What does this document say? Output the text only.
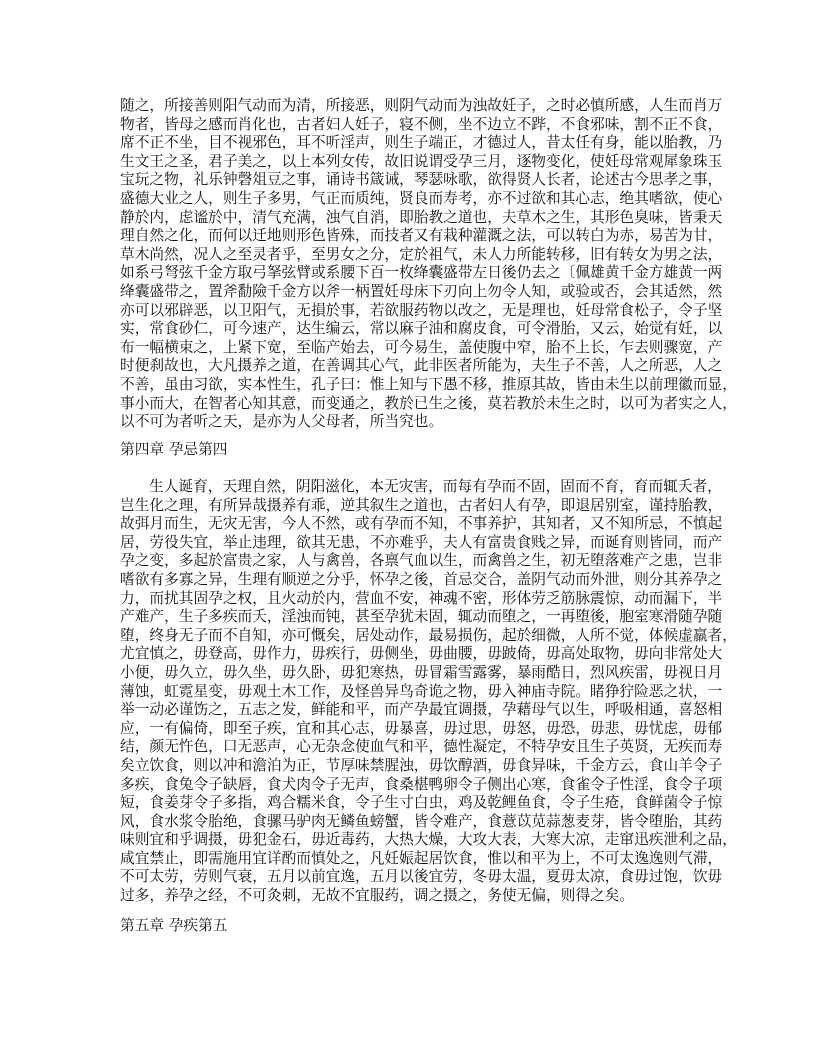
随之，所接善则阳气动而为清，所接恶，则阴气动而为浊故妊子，之时必慎所感，人生而肖万
物者，皆母之感而肖化也，古者妇人妊子，寝不侧，坐不边立不跸，不食邪味，割不正不食，
席不正不坐，目不视邪色，耳不听淫声，则生子端正，才德过人，昔太任有身，能以胎教，乃
生文王之圣，君子美之，以上本列女传，故旧说谓受孕三月，逐物变化，使妊母常观犀象珠玉
宝玩之物，礼乐钟磬俎豆之事，诵诗书箴诫，琴瑟咏歌，欲得贤人长者，论述古今思孝之事，
盛德大业之人，则生子多男，气正而质纯，贤良而寿考，亦不过欲和其心志，绝其嗜欲，使心
静於内，虑谧於中，清气充满，浊气自消，即胎教之道也，夫草木之生，其形色臭味，皆秉天
理自然之化，而何以迁地则形色皆殊，而技者又有栽种灌溉之法，可以转白为赤，易苦为甘，
草木尚然，况人之至灵者乎，至男女之分，定於祖气，未人力所能转移，旧有转女为男之法，
如系弓弩弦千金方取弓拏弦臂或系腰下百一枚绛囊盛带左日後仍去之〔佩雄黄千金方雄黄一两
绛囊盛带之，置斧勫險千金方以斧一柄置妊母床下刃向上勿令人知，或验或否，会其适然，然
亦可以邪辟恶，以卫阳气，无損於事，若欲服药物以改之，无是理也，妊母常食松子，令子坚
实，常食砂仁，可今速产，达生编云，常以麻子油和腐皮食，可令滑胎，又云，始觉有妊，以
布一幅横束之，上紧下宽，至临产始去，可今易生，盖使腹中窄，胎不上长，乍去则骤宽，产
时便刹故也，大凡摄养之道，在善调其心气，此非医者所能为，夫生子不善，人之所恶，人之
不善，虽由习欲，实本性生，孔子曰：惟上知与下愚不移，推原其故，皆由未生以前理徽而显，
事小而大，在智者心知其意，而变通之，教於已生之後，莫若教於未生之时，以可为者实之人，
以不可为者听之天，是亦为人父母者，所当究也。
第四章 孕忌第四
生人诞育，天理自然，阴阳滋化，本无灾害，而每有孕而不固，固而不育，育而辄夭者，
岂生化之理，有所异哉摄养有乖，逆其叙生之道也，古者妇人有孕，即退居别室，谨持胎教，
故弭月而生，无灾无害，今人不然，或有孕而不知，不事养护，其知者，又不知所忌，不慎起
居，劳役失宜，举止违理，欲其无患，不亦难乎，夫人有富贵食贱之异，而诞育则皆同，而产
孕之变，多起於富贵之家，人与禽兽，各禀气血以生，而禽兽之生，初无堕落难产之患，岂非
嗜欲有多寡之异，生理有顺逆之分乎，怀孕之後，首忌交合，盖阴气动而外泄，则分其养孕之
力，而扰其固孕之权，且火动於内，营血不安，神魂不密，形体劳乏筋脉震惊，动而漏下，半
产难产，生子多疾而夭，淫浊而钝，甚至孕犹未固，辄动而堕之，一再堕後，胞室寒滑随孕随
堕，终身无子而不自知，亦可慨矣，居处动作，最易损伤，起於细微，人所不觉，体候虚羸者，
尤宜慎之，毋登高，毋作力，毋疾行，毋侧坐，毋曲腰，毋跛倚，毋高处取物，毋向非常处大
小便，毋久立，毋久坐，毋久卧，毋犯寒热，毋冒霜雪露雾，暴雨酷日，烈风疾雷，毋视日月
薄蚀，虹霓星变，毋观土木工作，及怪兽异鸟奇诡之物，毋入神庙寺院。睹狰狞险恶之状，一
举一动必谨饬之，五志之发，鲜能和平，而产孕最宜调摄，孕藉母气以生，呼吸相通，喜怒相
应，一有偏倚，即至子疾，宜和其心志，毋暴喜，毋过思，毋怒，毋恐，毋悲，毋忧虑，毋郁
结，颜无忤色，口无恶声，心无杂念使血气和平，德性凝定，不特孕安且生子英贤，无疾而寿
矣立饮食，则以冲和澹泊为正，节厚味禁腥浊，毋饮醇酒，毋食异味，千金方云，食山羊令子
多疾，食兔令子缺唇，食犬肉令子无声，食桑椹鸭卵令子侧出心寒，食雀令子性淫，食令子项
短，食姜芽令子多指，鸡合糯米食，令子生寸白虫，鸡及乾鲤鱼食，令子生疮，食鲜菌令子惊
风，食水浆令胎绝，食骡马驴肉无鳞鱼螃蟹，皆令难产，食薏苡苋蒜葱麦芽，皆令堕胎，其药
味则宜和乎调摄，毋犯金石，毋近毒药，大热大燥，大攻大表，大寒大凉，走窜迅疾泄利之品，
咸宜禁止，即需施用宜详酌而慎处之，凡妊娠起居饮食，惟以和平为上，不可太逸逸则气滞，
不可太劳，劳则气衰，五月以前宜逸，五月以後宜劳，冬毋太温，夏毋太凉，食毋过饱，饮毋
过多，养孕之经，不可灸刺，无故不宜服药，调之摄之，务使无偏，则得之矣。
第五章 孕疾第五
